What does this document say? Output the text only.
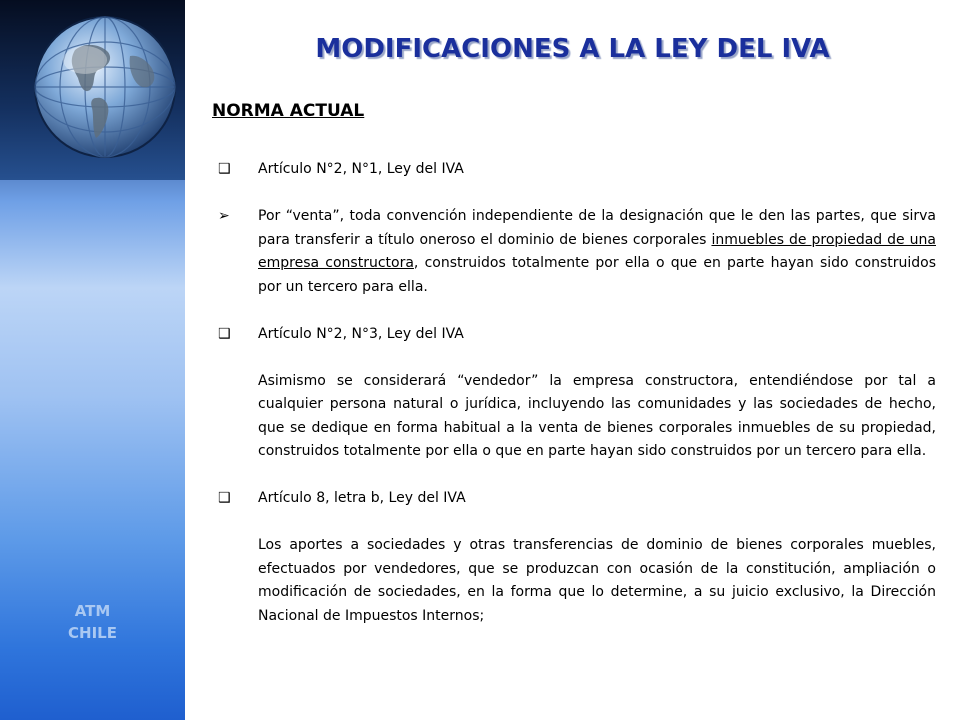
ATM
CHILE
MODIFICACIONES A LA LEY DEL IVA
NORMA ACTUAL
❑	Artículo N°2, N°1, Ley del IVA
➢	Por “venta”, toda convención independiente de la designación que le den las partes, que sirva para transferir a título oneroso el dominio de bienes corporales inmuebles de propiedad de una empresa constructora, construidos totalmente por ella o que en parte hayan sido construidos por un tercero para ella.
❑	Artículo N°2, N°3, Ley del IVA
Asimismo se considerará “vendedor” la empresa constructora, entendiéndose por tal a cualquier persona natural o jurídica, incluyendo las comunidades y las sociedades de hecho, que se dedique en forma habitual a la venta de bienes corporales inmuebles de su propiedad, construidos totalmente por ella o que en parte hayan sido construidos por un tercero para ella.
❑	Artículo 8, letra b, Ley del IVA
Los aportes a sociedades y otras transferencias de dominio de bienes corporales muebles, efectuados por vendedores, que se produzcan con ocasión de la constitución, ampliación o modificación de sociedades, en la forma que lo determine, a su juicio exclusivo, la Dirección Nacional de Impuestos Internos;
